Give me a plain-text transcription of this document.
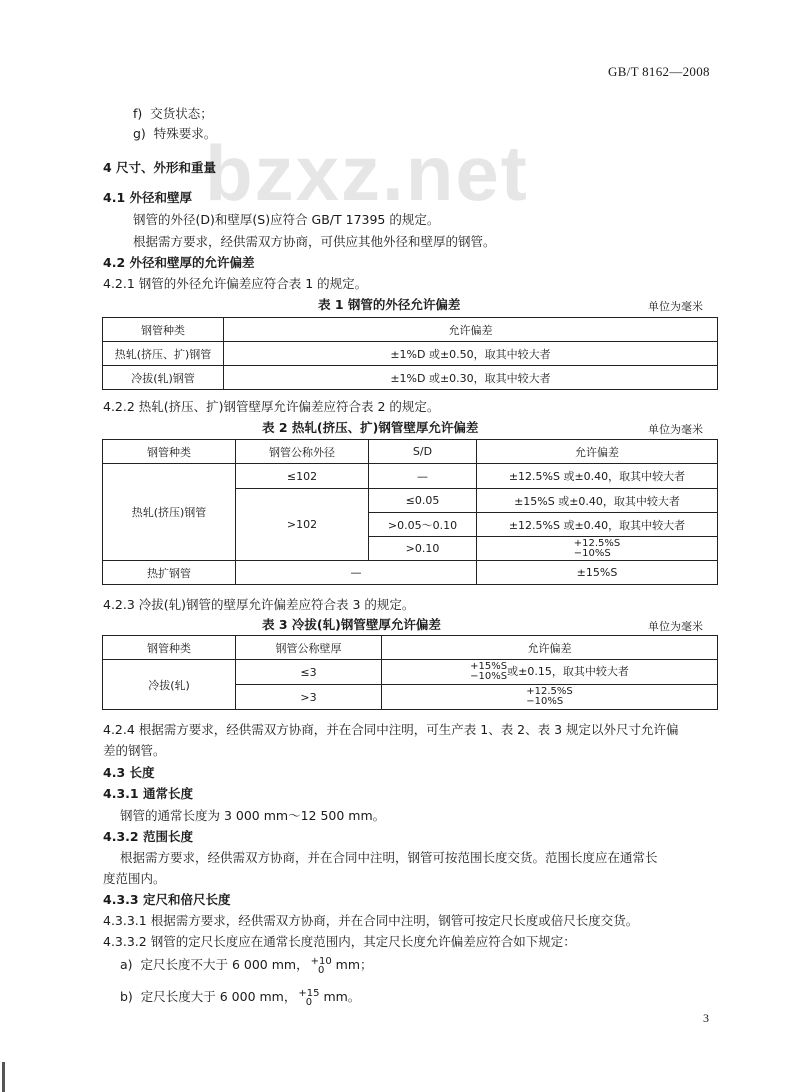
GB/T 8162—2008
bzxz.net
f) 交货状态；
g) 特殊要求。
4 尺寸、外形和重量
4.1 外径和壁厚
钢管的外径(D)和壁厚(S)应符合 GB/T 17395 的规定。
根据需方要求，经供需双方协商，可供应其他外径和壁厚的钢管。
4.2 外径和壁厚的允许偏差
4.2.1 钢管的外径允许偏差应符合表 1 的规定。
表 1 钢管的外径允许偏差	单位为毫米
钢管种类	允许偏差
热轧(挤压、扩)钢管	±1%D 或±0.50，取其中较大者
冷拔(轧)钢管	±1%D 或±0.30，取其中较大者
4.2.2 热轧(挤压、扩)钢管壁厚允许偏差应符合表 2 的规定。
表 2 热轧(挤压、扩)钢管壁厚允许偏差	单位为毫米
钢管种类	钢管公称外径	S/D	允许偏差
热轧(挤压)钢管	≤102	—	±12.5%S 或±0.40，取其中较大者
	>102	≤0.05	±15%S 或±0.40，取其中较大者
		>0.05～0.10	±12.5%S 或±0.40，取其中较大者
		>0.10	+12.5%S
−10%S
热扩钢管	—		±15%S
4.2.3 冷拔(轧)钢管的壁厚允许偏差应符合表 3 的规定。
表 3 冷拔(轧)钢管壁厚允许偏差	单位为毫米
钢管种类	钢管公称壁厚	允许偏差
冷拔(轧)	≤3	+15%S
−10%S或±0.15，取其中较大者
	>3	+12.5%S
−10%S
4.2.4 根据需方要求，经供需双方协商，并在合同中注明，可生产表 1、表 2、表 3 规定以外尺寸允许偏
差的钢管。
4.3 长度
4.3.1 通常长度
钢管的通常长度为 3 000 mm～12 500 mm。
4.3.2 范围长度
根据需方要求，经供需双方协商，并在合同中注明，钢管可按范围长度交货。范围长度应在通常长
度范围内。
4.3.3 定尺和倍尺长度
4.3.3.1 根据需方要求，经供需双方协商，并在合同中注明，钢管可按定尺长度或倍尺长度交货。
4.3.3.2 钢管的定尺长度应在通常长度范围内，其定尺长度允许偏差应符合如下规定：
a) 定尺长度不大于 6 000 mm， +10
0 mm；
b) 定尺长度大于 6 000 mm， +15
0 mm。
3
